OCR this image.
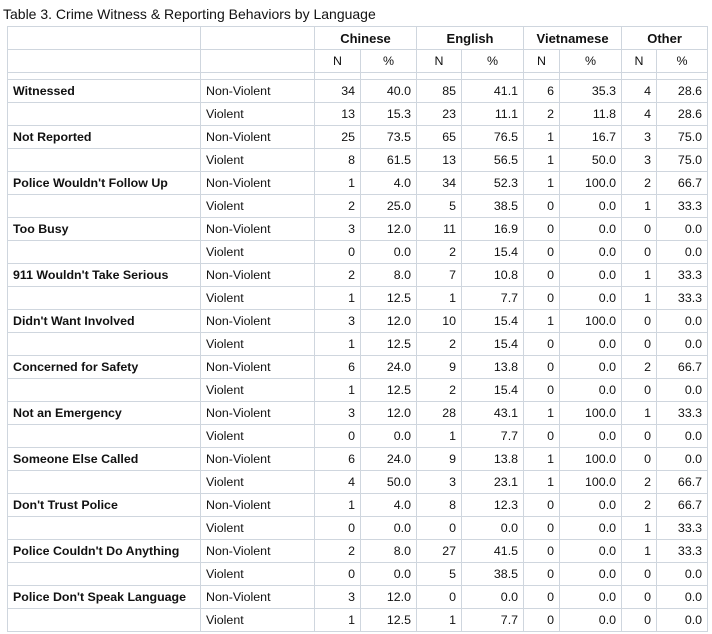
Table 3. Crime Witness & Reporting Behaviors by Language
		Chinese		English		Vietnamese		Other	
		N	%	N	%	N	%	N	%

Witnessed	Non-Violent	34	40.0	85	41.1	6	35.3	4	28.6
	Violent	13	15.3	23	11.1	2	11.8	4	28.6
Not Reported	Non-Violent	25	73.5	65	76.5	1	16.7	3	75.0
	Violent	8	61.5	13	56.5	1	50.0	3	75.0
Police Wouldn't Follow Up	Non-Violent	1	4.0	34	52.3	1	100.0	2	66.7
	Violent	2	25.0	5	38.5	0	0.0	1	33.3
Too Busy	Non-Violent	3	12.0	11	16.9	0	0.0	0	0.0
	Violent	0	0.0	2	15.4	0	0.0	0	0.0
911 Wouldn't Take Serious	Non-Violent	2	8.0	7	10.8	0	0.0	1	33.3
	Violent	1	12.5	1	7.7	0	0.0	1	33.3
Didn't Want Involved	Non-Violent	3	12.0	10	15.4	1	100.0	0	0.0
	Violent	1	12.5	2	15.4	0	0.0	0	0.0
Concerned for Safety	Non-Violent	6	24.0	9	13.8	0	0.0	2	66.7
	Violent	1	12.5	2	15.4	0	0.0	0	0.0
Not an Emergency	Non-Violent	3	12.0	28	43.1	1	100.0	1	33.3
	Violent	0	0.0	1	7.7	0	0.0	0	0.0
Someone Else Called	Non-Violent	6	24.0	9	13.8	1	100.0	0	0.0
	Violent	4	50.0	3	23.1	1	100.0	2	66.7
Don't Trust Police	Non-Violent	1	4.0	8	12.3	0	0.0	2	66.7
	Violent	0	0.0	0	0.0	0	0.0	1	33.3
Police Couldn't Do Anything	Non-Violent	2	8.0	27	41.5	0	0.0	1	33.3
	Violent	0	0.0	5	38.5	0	0.0	0	0.0
Police Don't Speak Language	Non-Violent	3	12.0	0	0.0	0	0.0	0	0.0
	Violent	1	12.5	1	7.7	0	0.0	0	0.0
